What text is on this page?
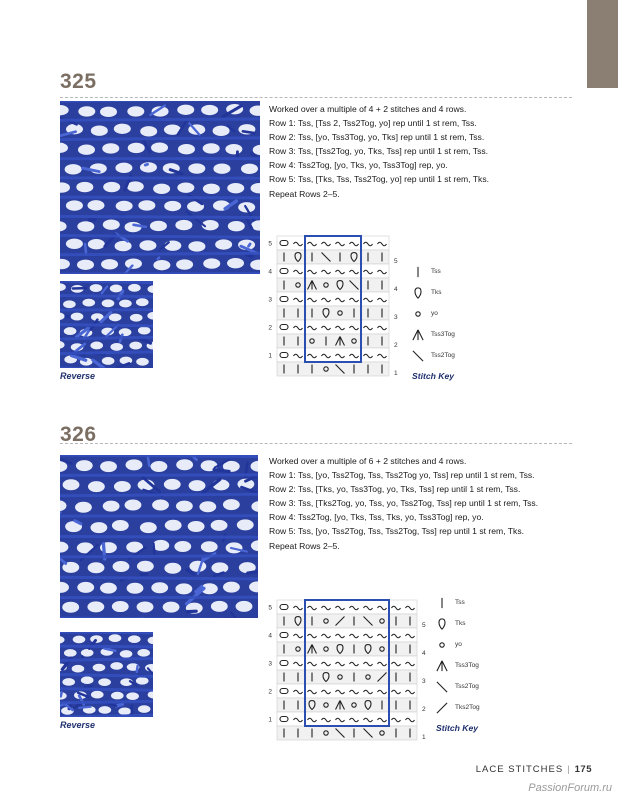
325
Reverse
Worked over a multiple of 4 + 2 stitches and 4 rows.
Row 1: Tss, [Tss 2, Tss2Tog, yo] rep until 1 st rem, Tss.
Row 2: Tss, [yo, Tss3Tog, yo, Tks] rep until 1 st rem, Tss.
Row 3: Tss, [Tss2Tog, yo, Tks, Tss] rep until 1 st rem, Tss.
Row 4: Tss2Tog, [yo, Tks, yo, Tss3Tog] rep, yo.
Row 5: Tss, [Tks, Tss, Tss2Tog, yo] rep until 1 st rem, Tks.
Repeat Rows 2–5.
5
5
4
4
3
3
2
2
1
1
Tss
Tks
yo
Tss3Tog
Tss2Tog
Stitch Key
326
Reverse
Worked over a multiple of 6 + 2 stitches and 4 rows.
Row 1: Tss, [yo, Tss2Tog, Tss, Tss2Tog yo, Tss] rep until 1 st rem, Tss.
Row 2: Tss, [Tks, yo, Tss3Tog, yo, Tks, Tss] rep until 1 st rem, Tss.
Row 3: Tss, [Tks2Tog, yo, Tss, yo, Tss2Tog, Tss] rep until 1 st rem, Tss.
Row 4: Tss2Tog, [yo, Tks, Tss, Tks, yo, Tss3Tog] rep, yo.
Row 5: Tss, [yo, Tss2Tog, Tss, Tss2Tog, Tss] rep until 1 st rem, Tks.
Repeat Rows 2–5.
5
5
4
4
3
3
2
2
1
1
Tss
Tks
yo
Tss3Tog
Tss2Tog
Tks2Tog
Stitch Key
LACE STITCHES | 175
PassionForum.ru
